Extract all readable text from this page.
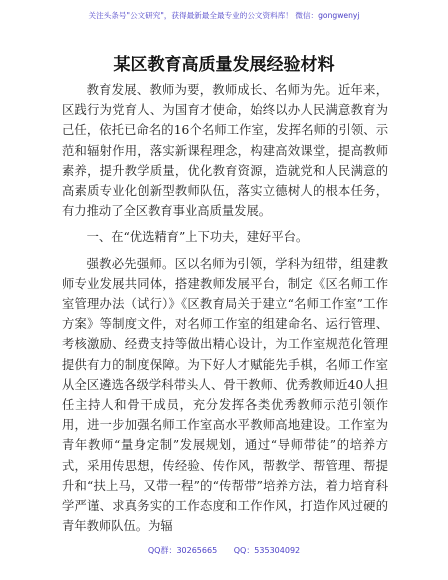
关注头条号"公文研究"，获得最新最全最专业的公文资料库！ 微信：gongwenyj
某区教育高质量发展经验材料

教育发展、教师为要，教师成长、名师为先。近年来，区践行为党育人、为国育才使命，始终以办人民满意教育为己任，依托已命名的16个名师工作室，发挥名师的引领、示范和辐射作用，落实新课程理念，构建高效课堂，提高教师素养，提升教学质量，优化教育资源，造就党和人民满意的高素质专业化创新型教师队伍，落实立德树人的根本任务，有力推动了全区教育事业高质量发展。

一、在“优选精育”上下功夫，建好平台。

强教必先强师。区以名师为引领，学科为纽带，组建教师专业发展共同体，搭建教师发展平台，制定《区名师工作室管理办法（试行）》《区教育局关于建立“名师工作室”工作方案》等制度文件，对名师工作室的组建命名、运行管理、考核激励、经费支持等做出精心设计，为工作室规范化管理提供有力的制度保障。为下好人才赋能先手棋，名师工作室从全区遴选各级学科带头人、骨干教师、优秀教师近40人担任主持人和骨干成员，充分发挥各类优秀教师示范引领作用，进一步加强名师工作室高水平教师高地建设。工作室为青年教师“量身定制”发展规划，通过“导师带徒”的培养方式，采用传思想，传经验、传作风，帮教学、帮管理、帮提升和“扶上马，又带一程”的“传帮带”培养方法，着力培育科学严谨、求真务实的工作态度和工作作风，打造作风过硬的青年教师队伍。为辐

QQ群：30265665 QQ：535304092
